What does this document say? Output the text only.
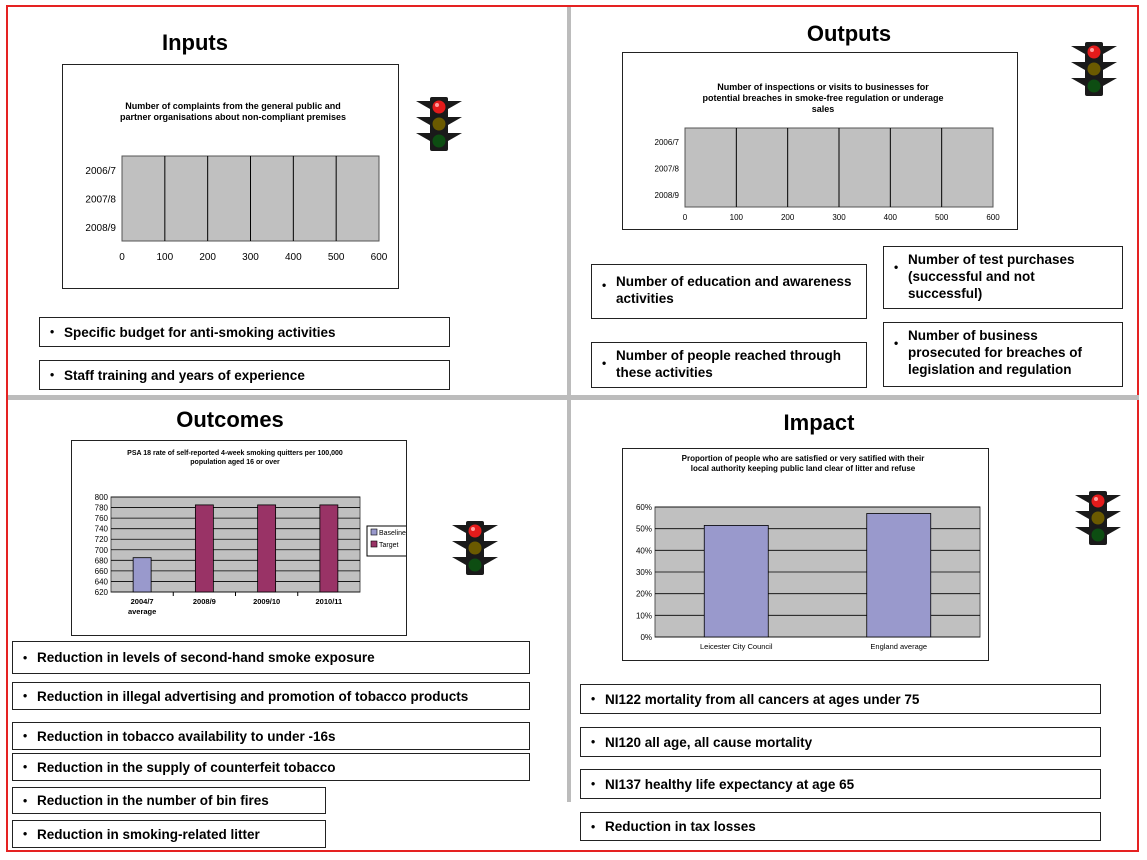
Inputs
Number of complaints from the general public and
partner organisations about non-compliant premises
0	100	200	300	400	500	600
2006/7
2007/8
2008/9
• Specific budget for anti-smoking activities
• Staff training and years of experience
Outputs
Number of inspections or visits to businesses for
potential breaches in smoke-free regulation or underage
sales
0	100	200	300	400	500	600
2006/7
2007/8
2008/9
• Number of education and awareness activities
• Number of people reached through these activities
• Number of test purchases (successful and not successful)
• Number of business prosecuted for breaches of legislation and regulation
Outcomes
PSA 18 rate of self-reported 4-week smoking quitters per 100,000
population aged 16 or over
620
640
660
680
700
720
740
760
780
800
2004/7
average
2008/9	2009/10	2010/11
Baseline
Target
• Reduction in levels of second-hand smoke exposure
• Reduction in illegal advertising and promotion of tobacco products
• Reduction in tobacco availability to under -16s
• Reduction in the supply of counterfeit tobacco
• Reduction in the number of bin fires
• Reduction in smoking-related litter
Impact
Proportion of people who are satisfied or very satified with their
local authority keeping public land clear of litter and refuse
0%
10%
20%
30%
40%
50%
60%
Leicester City Council	England average
• NI122 mortality from all cancers at ages under 75
• NI120 all age, all cause mortality
• NI137 healthy life expectancy at age 65
• Reduction in tax losses
